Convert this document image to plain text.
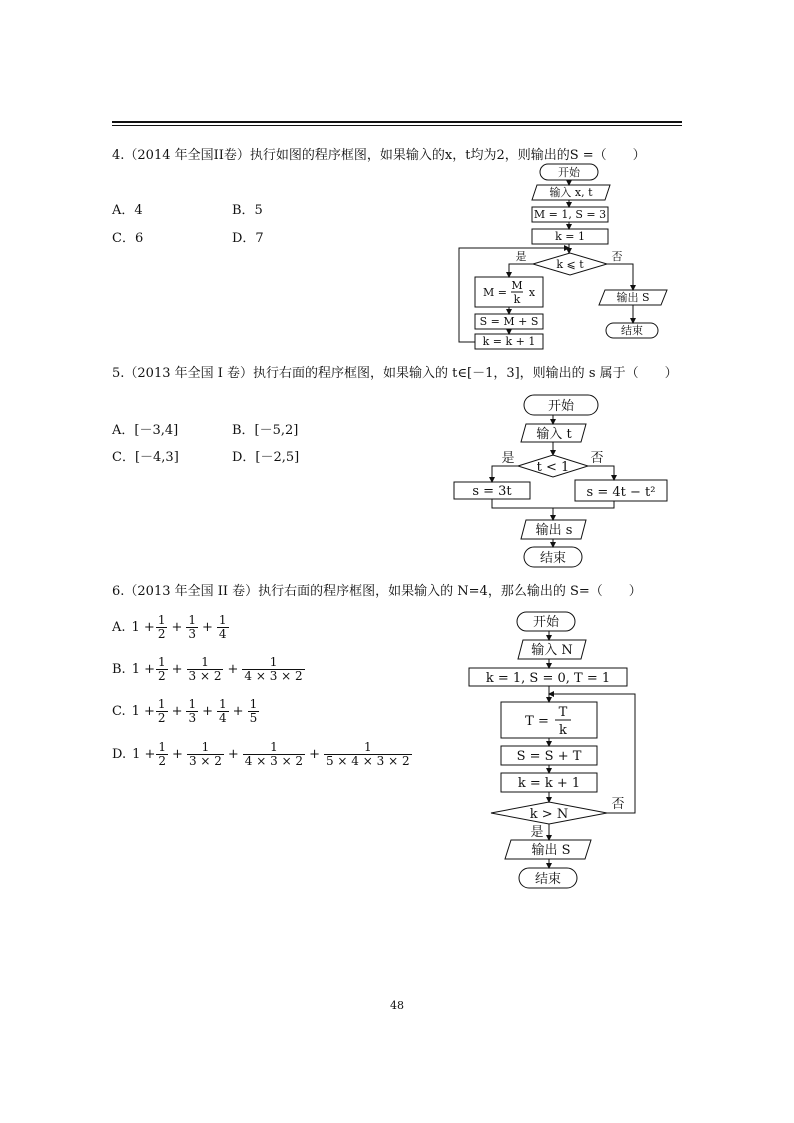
4.（2014 年全国II卷）执行如图的程序框图，如果输入的x，t均为2，则输出的S =（　　）
A．4	B．5
C．6	D．7
开始
输入 x, t
M = 1, S = 3
k = 1
k ⩽ t
是	否
M =
M
k
x
S = M + S
k = k + 1
输出 S
结束
5.（2013 年全国 I 卷）执行右面的程序框图，如果输入的 t∈[－1，3]，则输出的 s 属于（　　）
A．[－3,4]	B．[－5,2]
C．[－4,3]	D．[－2,5]
开始
输入 t
t < 1
是	否
s = 3t	s = 4t − t²
输出 s
结束
6.（2013 年全国 II 卷）执行右面的程序框图，如果输入的 N=4，那么输出的 S=（　　）
A. $1 + \frac{1}{2} + \frac{1}{3} + \frac{1}{4}$
B. $1 + \frac{1}{2} + \frac{1}{3 \times 2} + \frac{1}{4 \times 3 \times 2}$
C. $1 + \frac{1}{2} + \frac{1}{3} + \frac{1}{4} + \frac{1}{5}$
D. $1 + \frac{1}{2} + \frac{1}{3 \times 2} + \frac{1}{4 \times 3 \times 2} + \frac{1}{5 \times 4 \times 3 \times 2}$
开始
输入 N
k = 1, S = 0, T = 1
T =
T
k
S = S + T
k = k + 1
k > N
是
否
输出 S
结束
48
